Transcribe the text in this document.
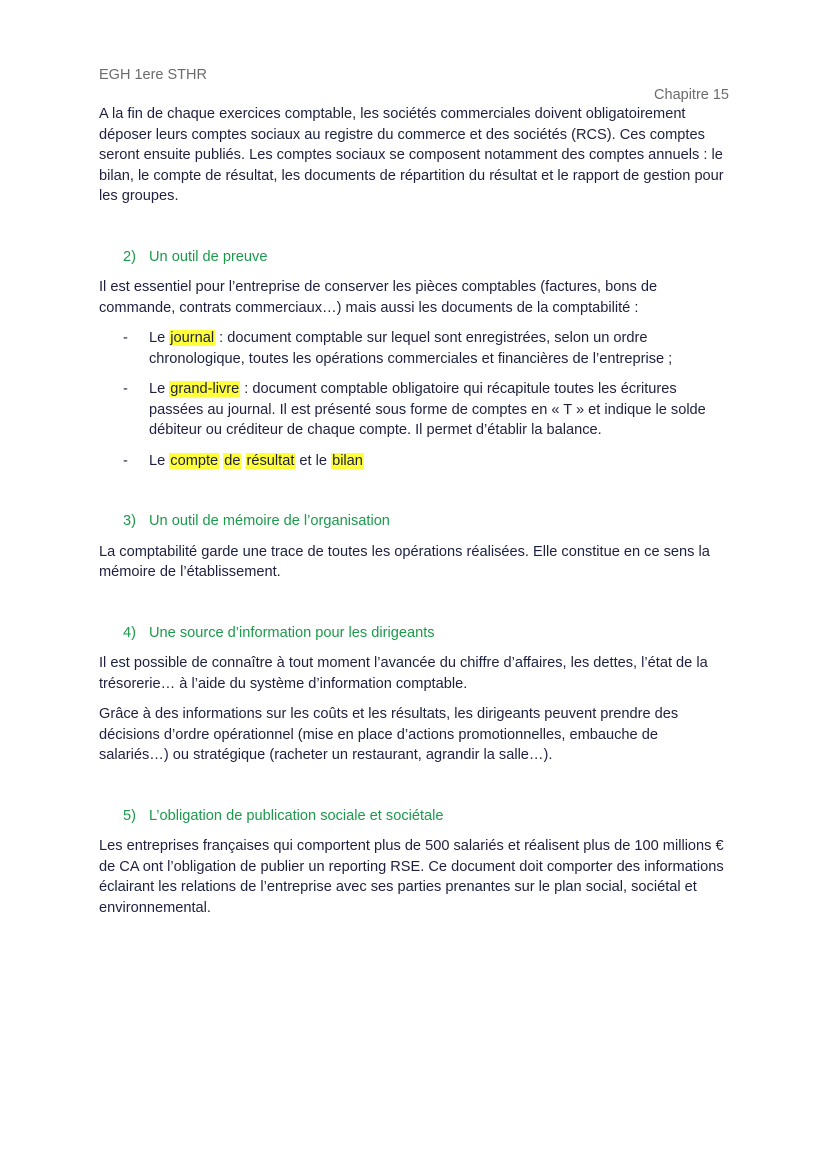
EGH 1ere STHR
Chapitre 15

A la fin de chaque exercices comptable, les sociétés commerciales doivent obligatoirement déposer leurs comptes sociaux au registre du commerce et des sociétés (RCS). Ces comptes seront ensuite publiés. Les comptes sociaux se composent notamment des comptes annuels : le bilan, le compte de résultat, les documents de répartition du résultat et le rapport de gestion pour les groupes.

2) Un outil de preuve

Il est essentiel pour l’entreprise de conserver les pièces comptables (factures, bons de commande, contrats commerciaux…) mais aussi les documents de la comptabilité :

- Le journal : document comptable sur lequel sont enregistrées, selon un ordre chronologique, toutes les opérations commerciales et financières de l’entreprise ;
- Le grand-livre : document comptable obligatoire qui récapitule toutes les écritures passées au journal. Il est présenté sous forme de comptes en « T » et indique le solde débiteur ou créditeur de chaque compte. Il permet d’établir la balance.
- Le compte de résultat et le bilan
3) Un outil de mémoire de l’organisation

La comptabilité garde une trace de toutes les opérations réalisées. Elle constitue en ce sens la mémoire de l’établissement.

4) Une source d’information pour les dirigeants

Il est possible de connaître à tout moment l’avancée du chiffre d’affaires, les dettes, l’état de la trésorerie… à l’aide du système d’information comptable.

Grâce à des informations sur les coûts et les résultats, les dirigeants peuvent prendre des décisions d’ordre opérationnel (mise en place d’actions promotionnelles, embauche de salariés…) ou stratégique (racheter un restaurant, agrandir la salle…).

5) L’obligation de publication sociale et sociétale

Les entreprises françaises qui comportent plus de 500 salariés et réalisent plus de 100 millions € de CA ont l’obligation de publier un reporting RSE. Ce document doit comporter des informations éclairant les relations de l’entreprise avec ses parties prenantes sur le plan social, sociétal et environnemental.
